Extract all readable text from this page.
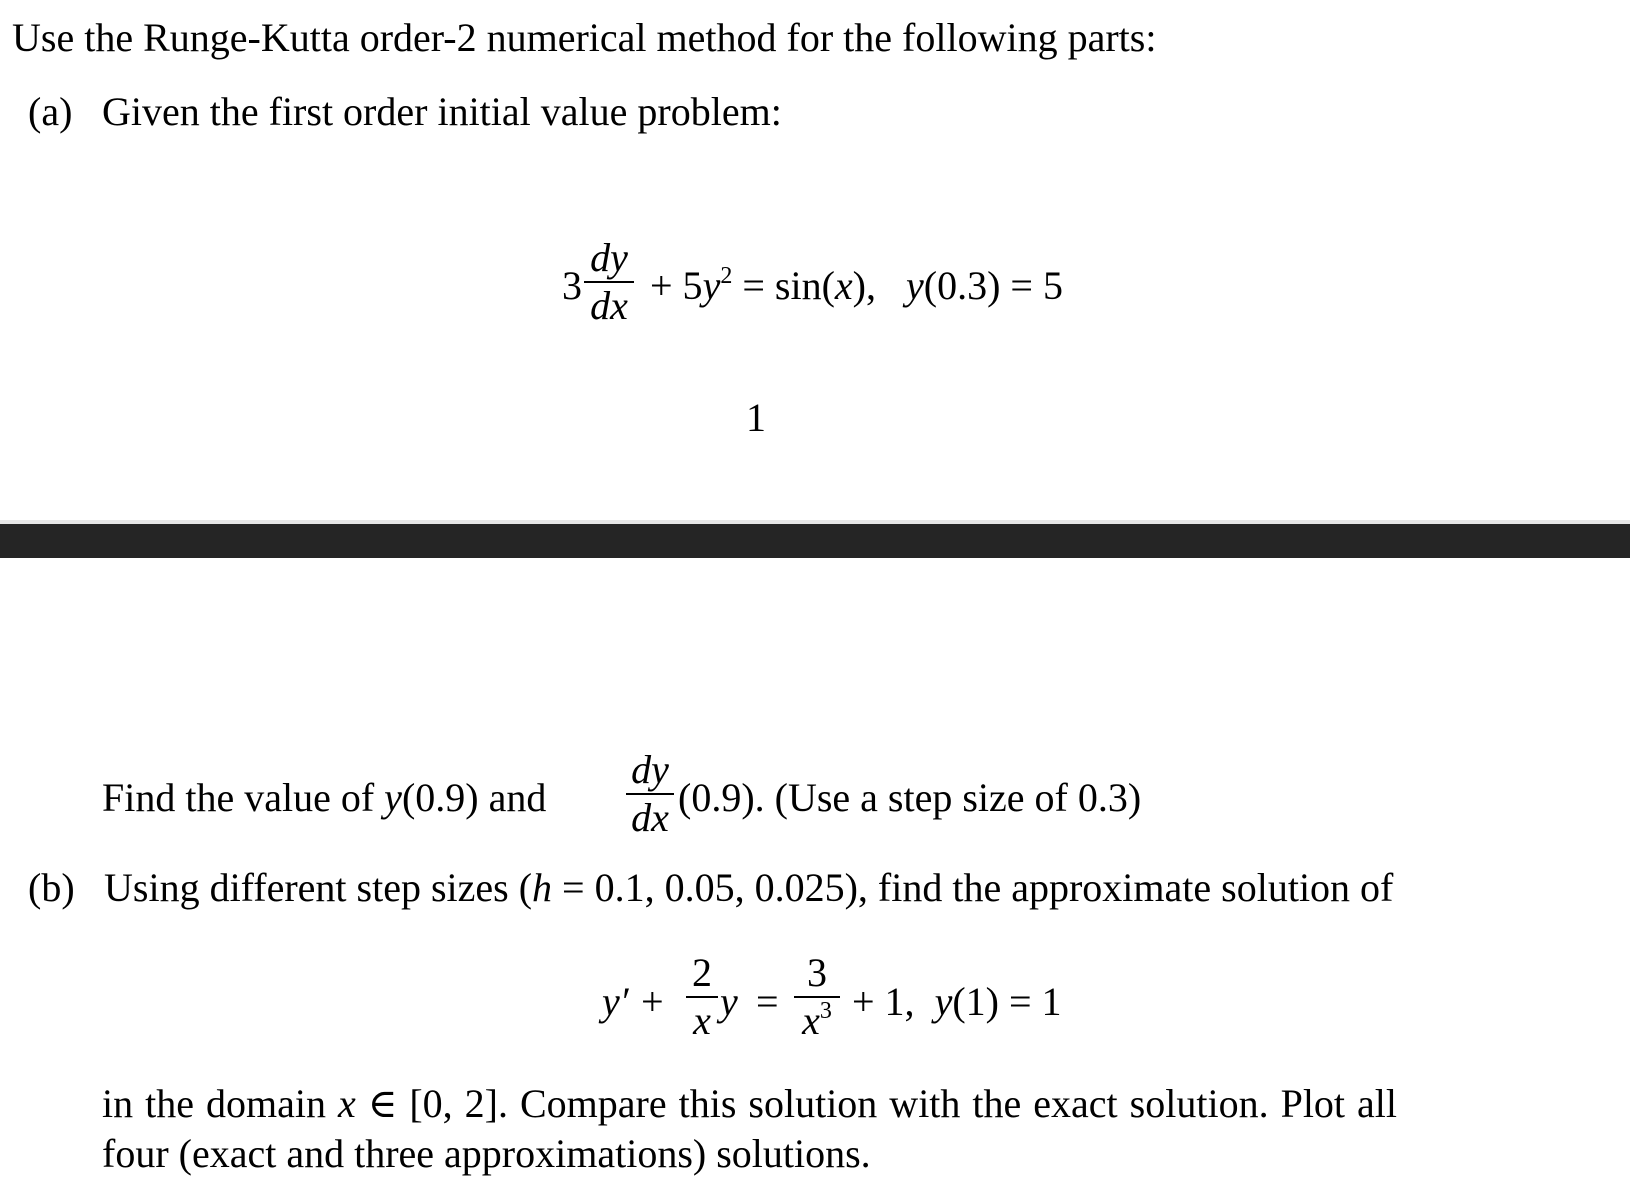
Use the Runge-Kutta order-2 numerical method for the following parts:
(a) Given the first order initial value problem:
3
dy
dx + $5y^2 = \sin(x)$, y(0.3) = 5
1
Find the value of y(0.9) and
dy
dx (0.9). (Use a step size of 0.3)
(b) Using different step sizes (h = 0.1, 0.05, 0.025), find the approximate solution of
y′ +
2
x y =
3
$x^3 + 1$, y(1) = 1
in the domain x ∈ [0, 2]. Compare this solution with the exact solution. Plot all
four (exact and three approximations) solutions.
